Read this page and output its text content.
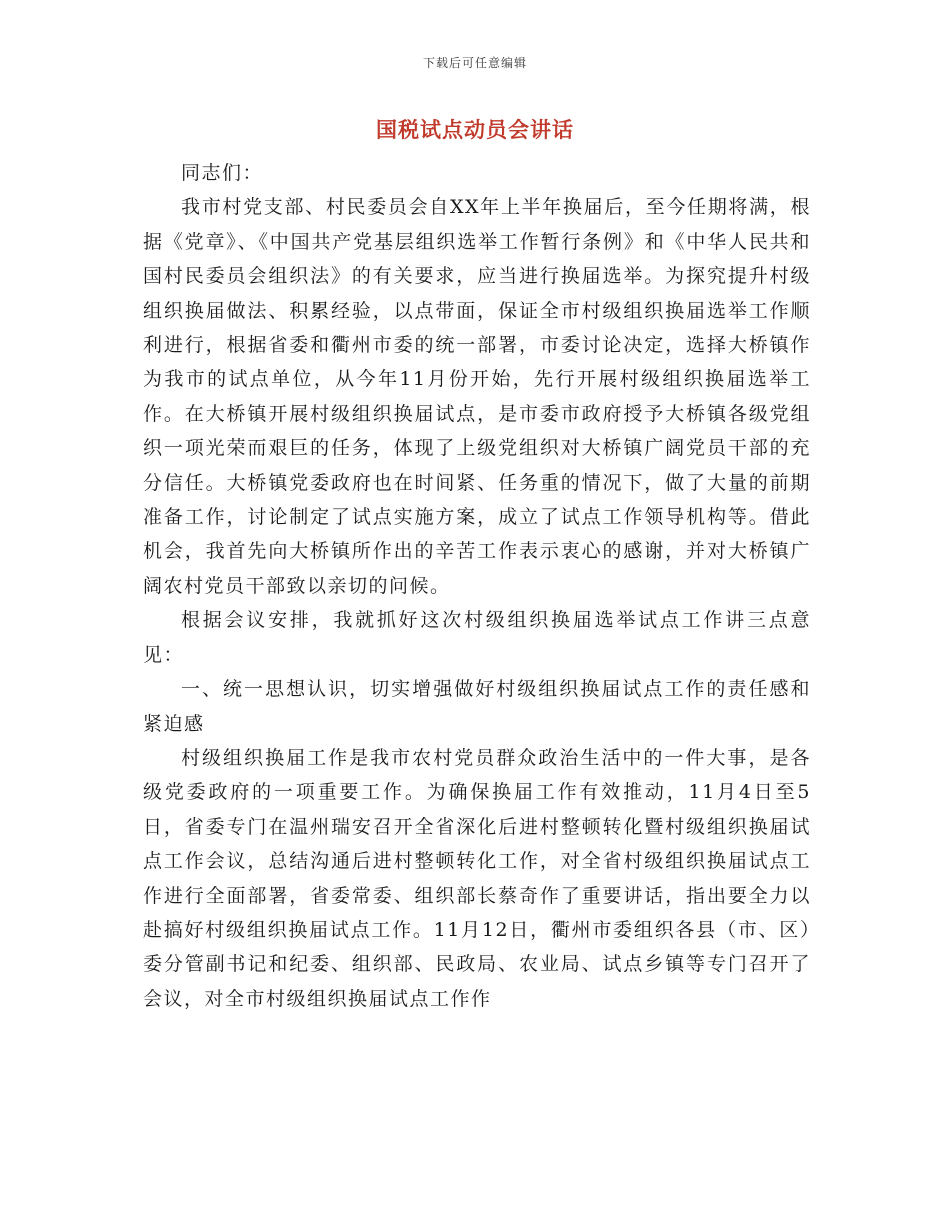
下载后可任意编辑
国税试点动员会讲话

同志们：

我市村党支部、村民委员会自XX年上半年换届后，至今任期将满，根据《党章》、《中国共产党基层组织选举工作暂行条例》和《中华人民共和国村民委员会组织法》的有关要求，应当进行换届选举。为探究提升村级组织换届做法、积累经验，以点带面，保证全市村级组织换届选举工作顺利进行，根据省委和衢州市委的统一部署，市委讨论决定，选择大桥镇作为我市的试点单位，从今年11月份开始，先行开展村级组织换届选举工作。在大桥镇开展村级组织换届试点，是市委市政府授予大桥镇各级党组织一项光荣而艰巨的任务，体现了上级党组织对大桥镇广阔党员干部的充分信任。大桥镇党委政府也在时间紧、任务重的情况下，做了大量的前期准备工作，讨论制定了试点实施方案，成立了试点工作领导机构等。借此机会，我首先向大桥镇所作出的辛苦工作表示衷心的感谢，并对大桥镇广阔农村党员干部致以亲切的问候。

根据会议安排，我就抓好这次村级组织换届选举试点工作讲三点意见：

一、统一思想认识，切实增强做好村级组织换届试点工作的责任感和紧迫感

村级组织换届工作是我市农村党员群众政治生活中的一件大事，是各级党委政府的一项重要工作。为确保换届工作有效推动，11月4日至5日，省委专门在温州瑞安召开全省深化后进村整顿转化暨村级组织换届试点工作会议，总结沟通后进村整顿转化工作，对全省村级组织换届试点工作进行全面部署，省委常委、组织部长蔡奇作了重要讲话，指出要全力以赴搞好村级组织换届试点工作。11月12日，衢州市委组织各县（市、区）委分管副书记和纪委、组织部、民政局、农业局、试点乡镇等专门召开了会议，对全市村级组织换届试点工作作
